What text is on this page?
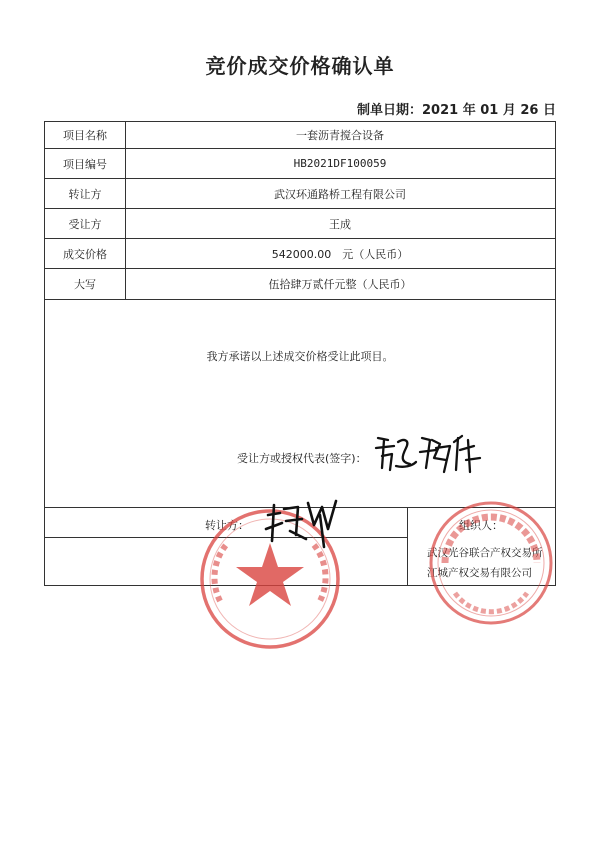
竞价成交价格确认单
制单日期：2021 年 01 月 26 日
项目名称	一套沥青搅合设备
项目编号	HB2021DF100059
转让方	武汉环通路桥工程有限公司
受让方	王成
成交价格	542000.00　元（人民币）
大写	伍拾肆万贰仟元整（人民币）
我方承诺以上述成交价格受让此项目。
受让方或授权代表(签字)：
转让方：	组织人：
武汉光谷联合产权交易所江城产权交易有限公司
